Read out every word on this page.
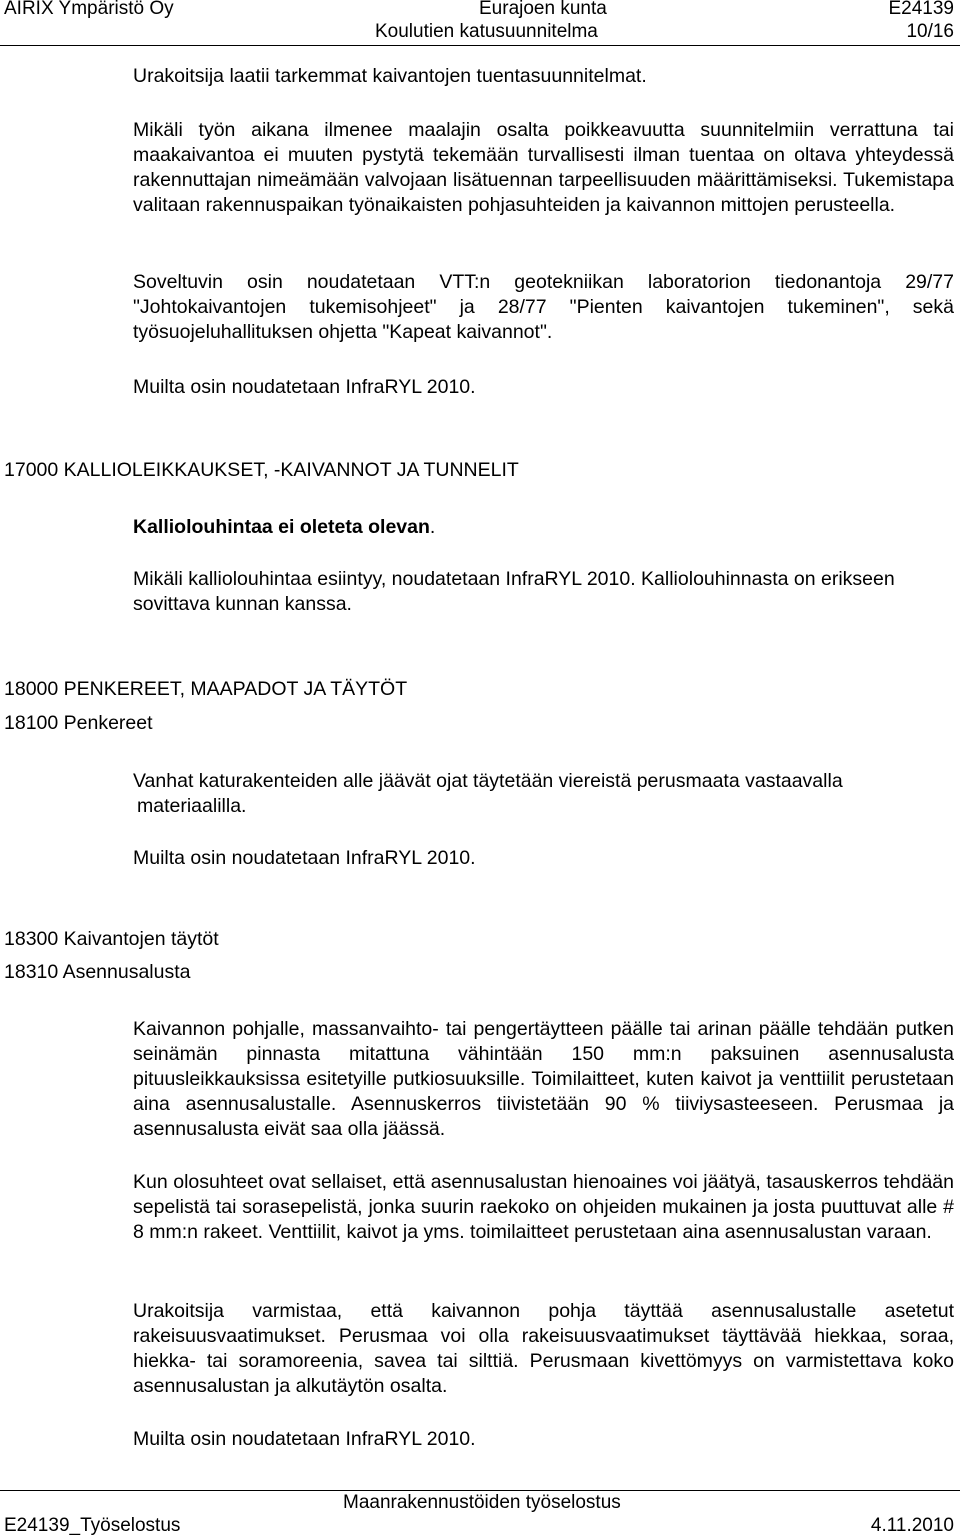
AIRIX Ympäristö Oy	Eurajoen kunta	E24139
Koulutien katusuunnitelma	10/16
Urakoitsija laatii tarkemmat kaivantojen tuentasuunnitelmat.
Mikäli työn aikana ilmenee maalajin osalta poikkeavuutta suunnitelmiin verrattuna tai maakaivantoa ei muuten pystytä tekemään turvallisesti ilman tuentaa on oltava yhteydessä rakennuttajan nimeämään valvojaan lisätuennan tarpeellisuuden määrittämiseksi. Tukemistapa valitaan rakennuspaikan työnaikaisten pohjasuhteiden ja kaivannon mittojen perusteella.
Soveltuvin osin noudatetaan VTT:n geotekniikan laboratorion tiedonantoja 29/77 "Johtokaivantojen tukemisohjeet" ja 28/77 "Pienten kaivantojen tukeminen", sekä työsuojeluhallituksen ohjetta "Kapeat kaivannot".
Muilta osin noudatetaan InfraRYL 2010.
17000 KALLIOLEIKKAUKSET, -KAIVANNOT JA TUNNELIT
Kalliolouhintaa ei oleteta olevan.
Mikäli kalliolouhintaa esiintyy, noudatetaan InfraRYL 2010. Kalliolouhinnasta on erikseen sovittava kunnan kanssa.
18000 PENKEREET, MAAPADOT JA TÄYTÖT
18100 Penkereet
Vanhat katurakenteiden alle jäävät ojat täytetään viereistä perusmaata vastaavalla
materiaalilla.
Muilta osin noudatetaan InfraRYL 2010.
18300 Kaivantojen täytöt
18310 Asennusalusta
Kaivannon pohjalle, massanvaihto- tai pengertäytteen päälle tai arinan päälle tehdään putken seinämän pinnasta mitattuna vähintään 150 mm:n paksuinen asennusalusta pituusleikkauksissa esitetyille putkiosuuksille. Toimilaitteet, kuten kaivot ja venttiilit perustetaan aina asennusalustalle. Asennuskerros tiivistetään 90 % tiiviysasteeseen. Perusmaa ja asennusalusta eivät saa olla jäässä.
Kun olosuhteet ovat sellaiset, että asennusalustan hienoaines voi jäätyä, tasauskerros tehdään sepelistä tai sorasepelistä, jonka suurin raekoko on ohjeiden mukainen ja josta puuttuvat alle # 8 mm:n rakeet. Venttiilit, kaivot ja yms. toimilaitteet perustetaan aina asennusalustan varaan.
Urakoitsija varmistaa, että kaivannon pohja täyttää asennusalustalle asetetut rakeisuusvaatimukset. Perusmaa voi olla rakeisuusvaatimukset täyttävää hiekkaa, soraa, hiekka- tai soramoreenia, savea tai silttiä. Perusmaan kivettömyys on varmistettava koko asennusalustan ja alkutäytön osalta.
Muilta osin noudatetaan InfraRYL 2010.
Maanrakennustöiden työselostus
E24139_Työselostus	4.11.2010
